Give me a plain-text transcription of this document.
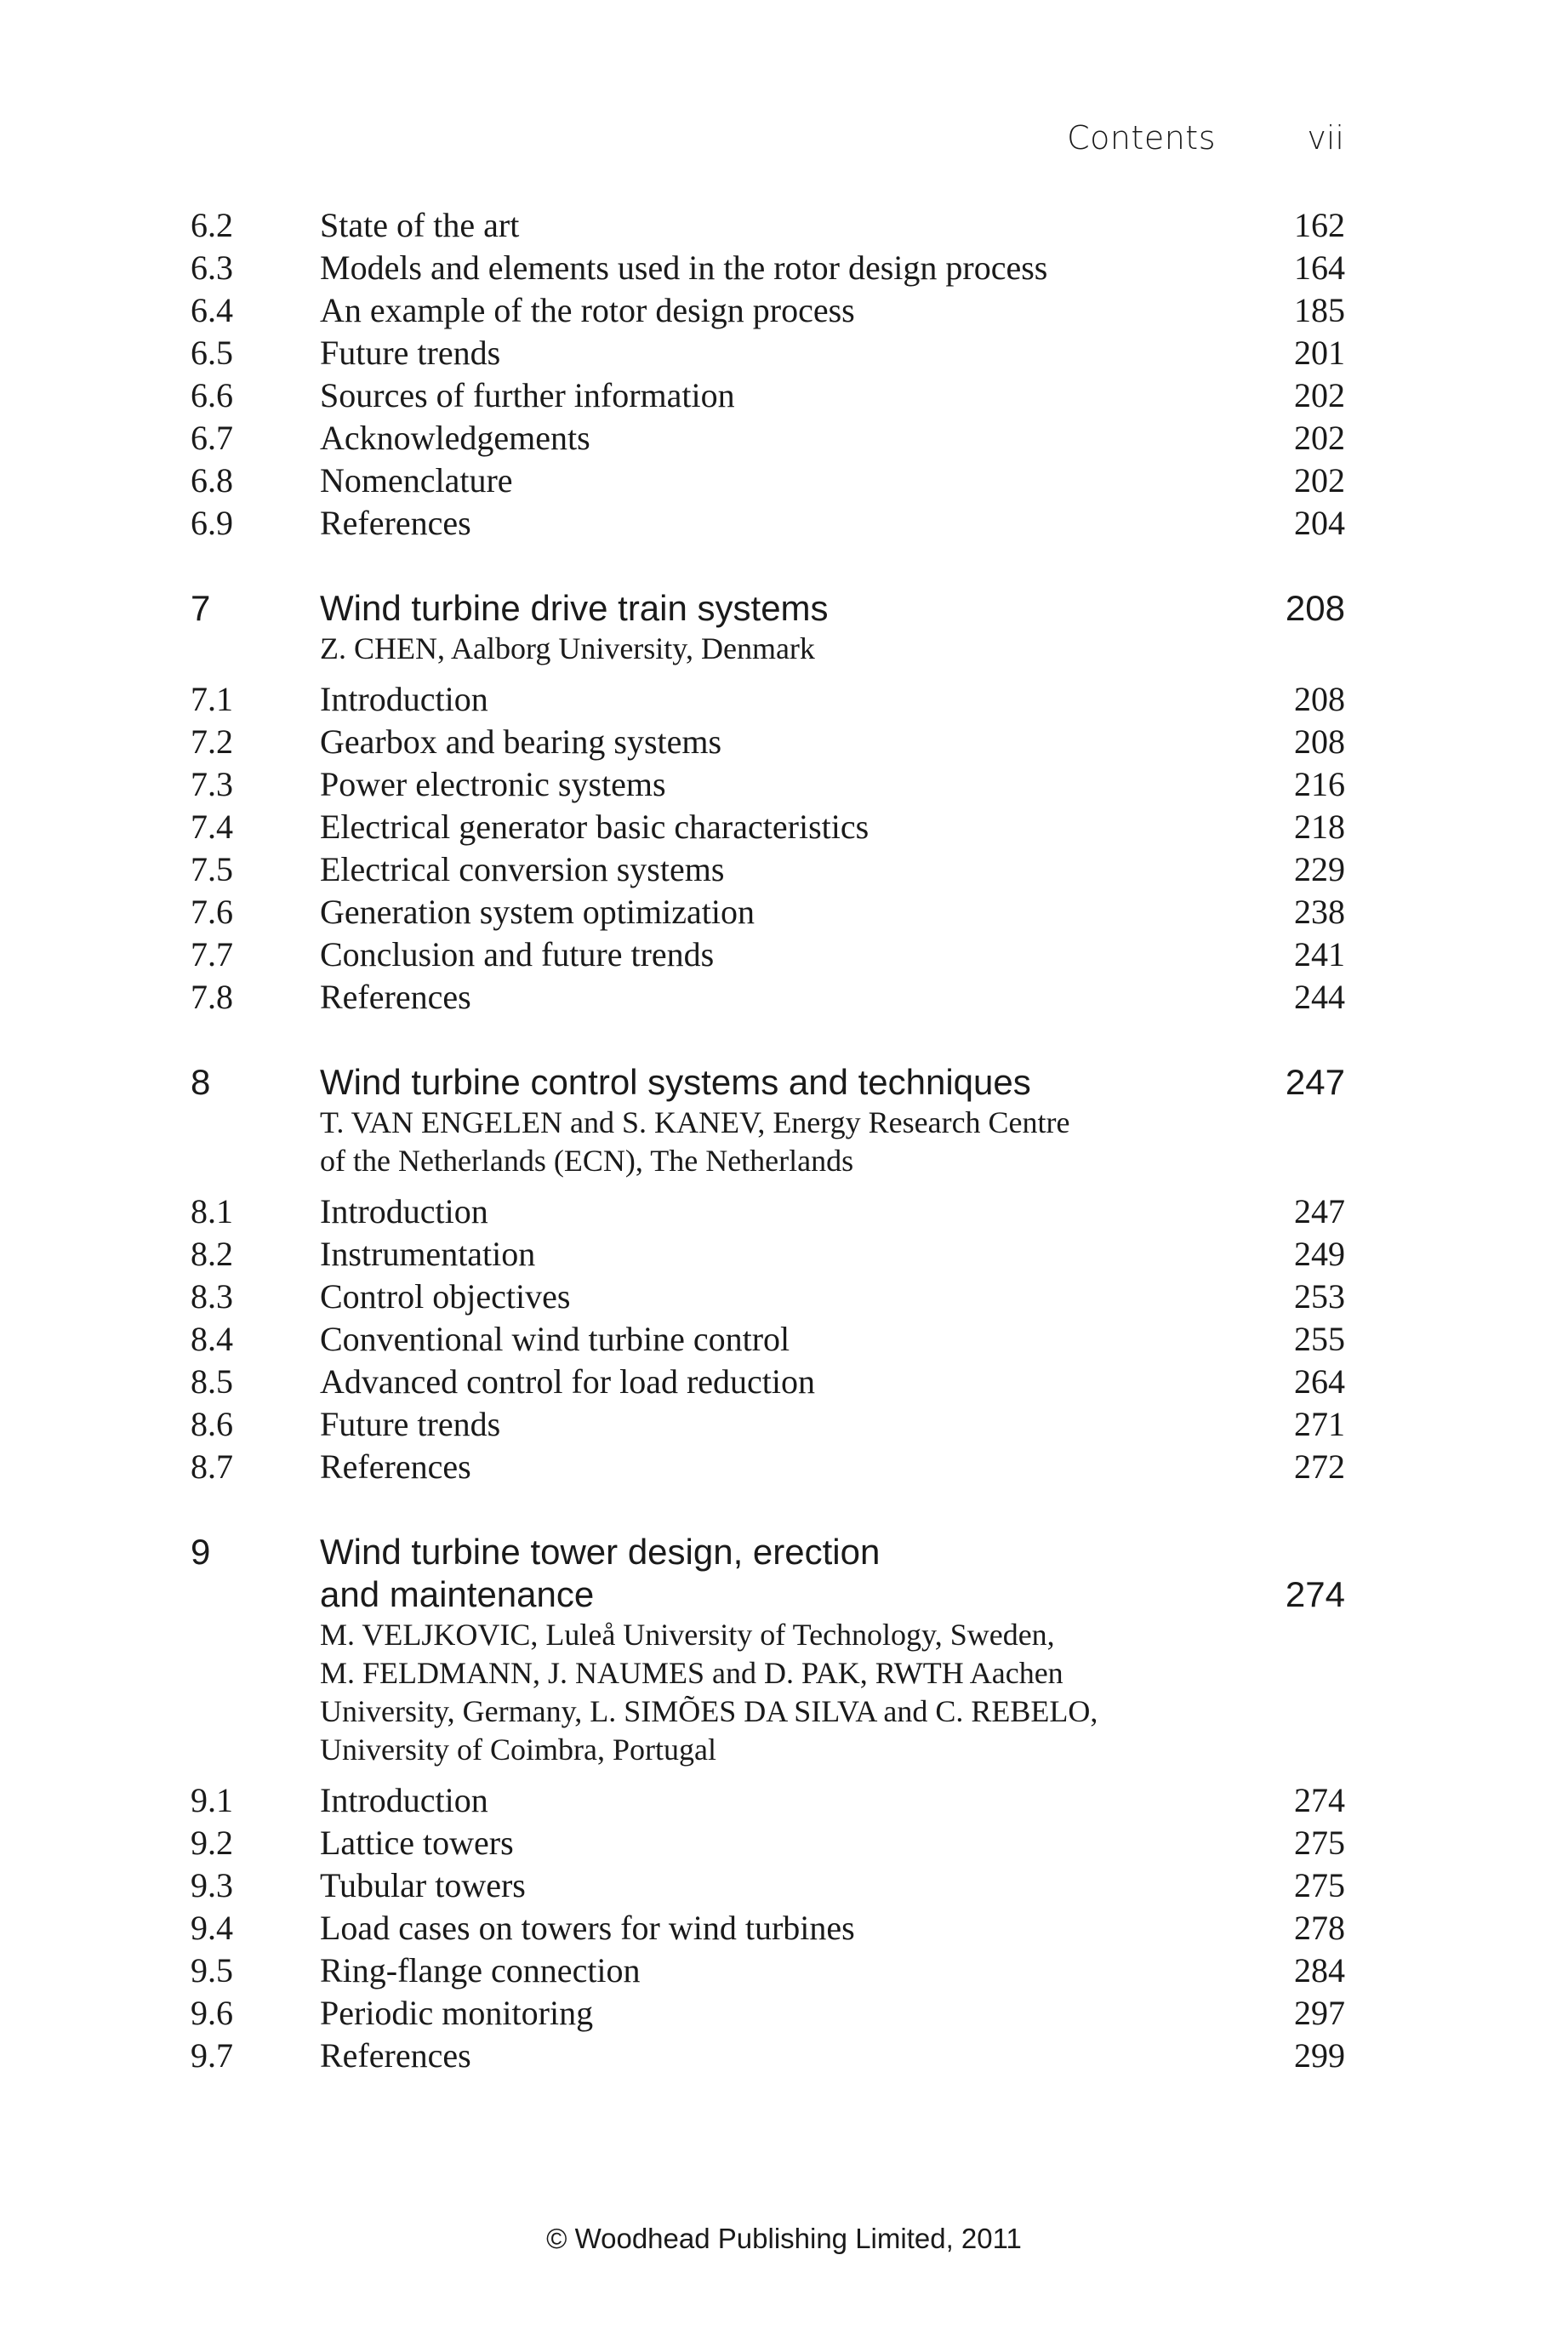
Contents	vii
6.2	State of the art	162
6.3	Models and elements used in the rotor design process	164
6.4	An example of the rotor design process	185
6.5	Future trends	201
6.6	Sources of further information	202
6.7	Acknowledgements	202
6.8	Nomenclature	202
6.9	References	204
7	Wind turbine drive train systems	208
Z. CHEN, Aalborg University, Denmark
7.1	Introduction	208
7.2	Gearbox and bearing systems	208
7.3	Power electronic systems	216
7.4	Electrical generator basic characteristics	218
7.5	Electrical conversion systems	229
7.6	Generation system optimization	238
7.7	Conclusion and future trends	241
7.8	References	244
8	Wind turbine control systems and techniques	247
T. VAN ENGELEN and S. KANEV, Energy Research Centre
of the Netherlands (ECN), The Netherlands
8.1	Introduction	247
8.2	Instrumentation	249
8.3	Control objectives	253
8.4	Conventional wind turbine control	255
8.5	Advanced control for load reduction	264
8.6	Future trends	271
8.7	References	272
9	Wind turbine tower design, erection
and maintenance	274
M. VELJKOVIC, Luleå University of Technology, Sweden,
M. FELDMANN, J. NAUMES and D. PAK, RWTH Aachen
University, Germany, L. SIMÕES DA SILVA and C. REBELO,
University of Coimbra, Portugal
9.1	Introduction	274
9.2	Lattice towers	275
9.3	Tubular towers	275
9.4	Load cases on towers for wind turbines	278
9.5	Ring-flange connection	284
9.6	Periodic monitoring	297
9.7	References	299
© Woodhead Publishing Limited, 2011
